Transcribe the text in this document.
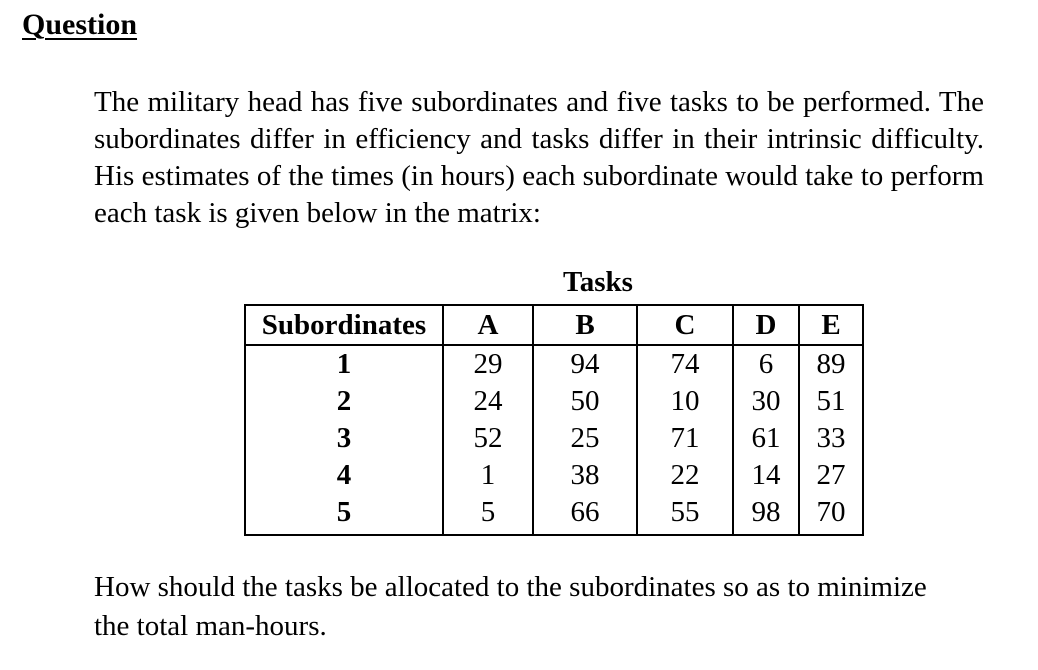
Question

The military head has five subordinates and five tasks to be performed. The subordinates differ in efficiency and tasks differ in their intrinsic difficulty. His estimates of the times (in hours) each subordinate would take to perform each task is given below in the matrix:

Tasks
Subordinates	A	B	C	D	E
1	29	94	74	6	89
2	24	50	10	30	51
3	52	25	71	61	33
4	1	38	22	14	27
5	5	66	55	98	70

How should the tasks be allocated to the subordinates so as to minimize the total man-hours.
